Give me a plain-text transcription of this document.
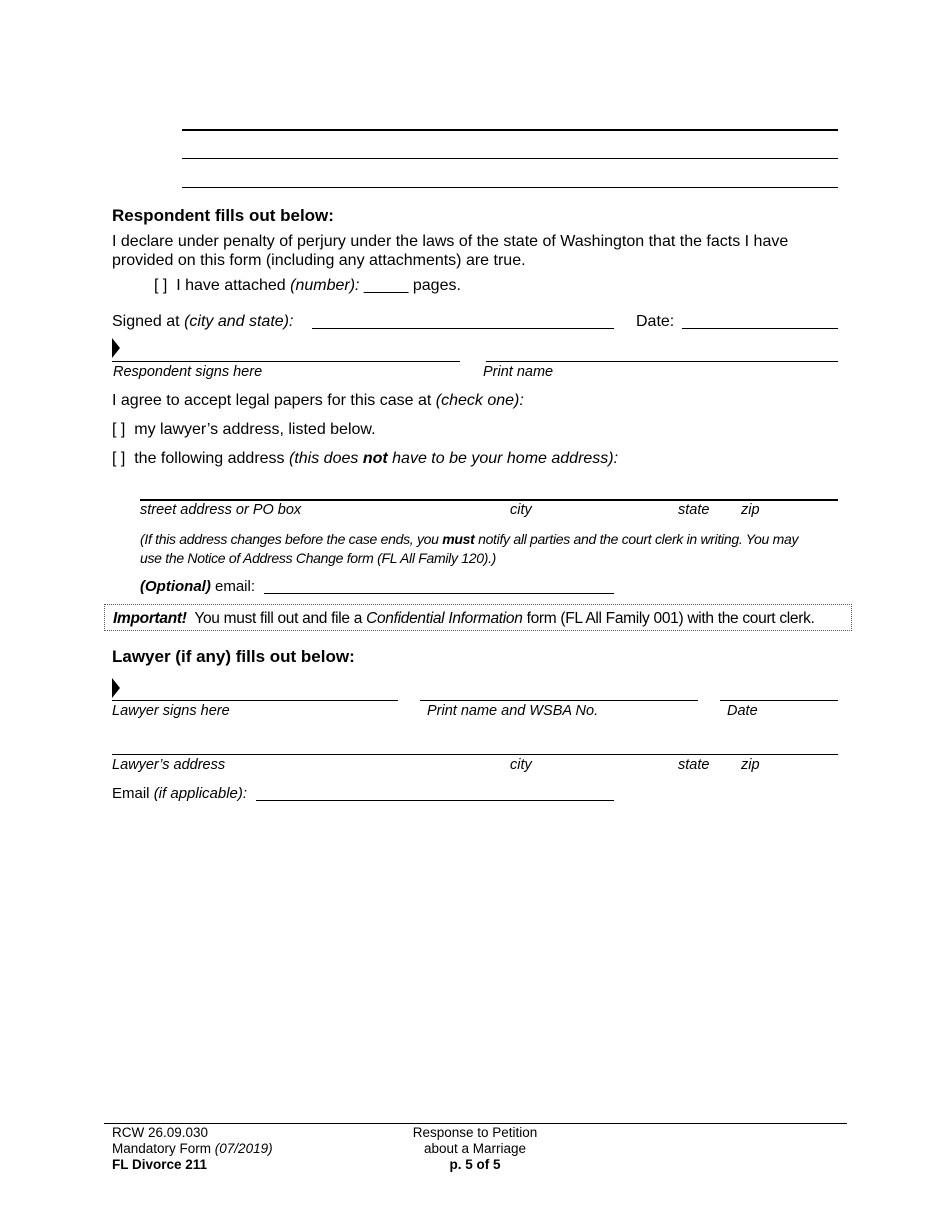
Respondent fills out below:
I declare under penalty of perjury under the laws of the state of Washington that the facts I have provided on this form (including any attachments) are true.
[ ] I have attached (number): _____ pages.
Signed at (city and state):	Date:
Respondent signs here	Print name
I agree to accept legal papers for this case at (check one):
[ ] my lawyer’s address, listed below.
[ ] the following address (this does not have to be your home address):
street address or PO box	city	state zip
(If this address changes before the case ends, you must notify all parties and the court clerk in writing. You may
use the Notice of Address Change form (FL All Family 120).)
(Optional) email:
Important! You must fill out and file a Confidential Information form (FL All Family 001) with the court clerk.
Lawyer (if any) fills out below:
Lawyer signs here	Print name and WSBA No.	Date
Lawyer’s address	city	state zip
Email (if applicable):
RCW 26.09.030
Mandatory Form (07/2019)
FL Divorce 211
Response to Petition
about a Marriage
p. 5 of 5
